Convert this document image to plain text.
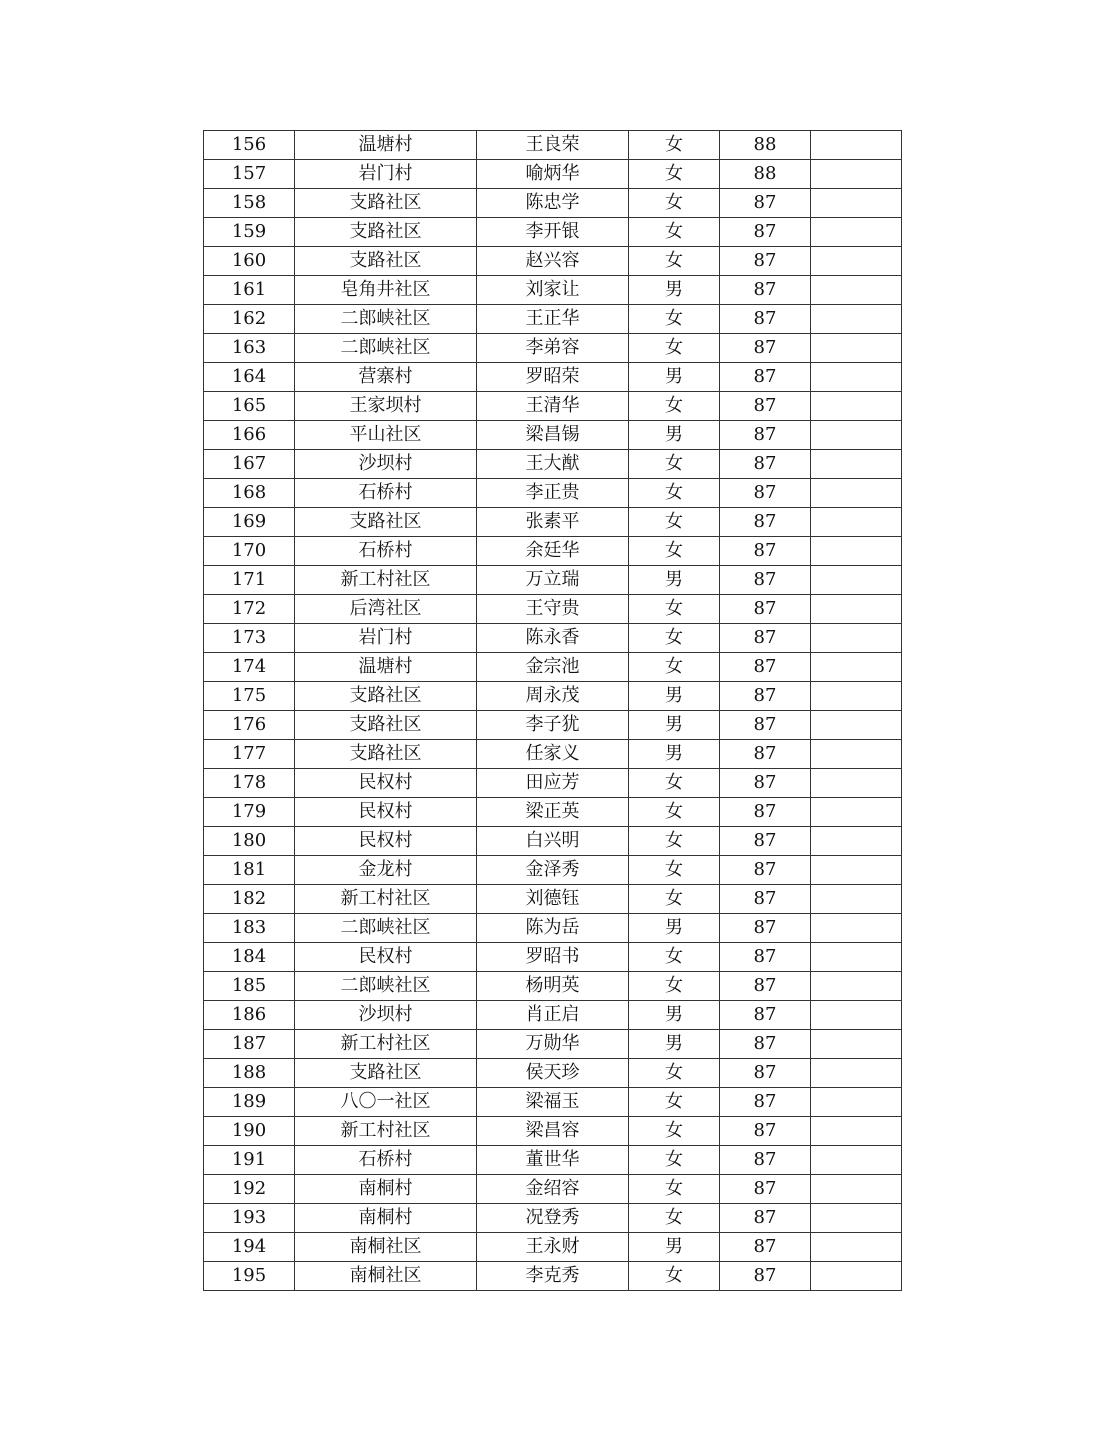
156	温塘村	王良荣	女	88	
157	岩门村	喻炳华	女	88	
158	支路社区	陈忠学	女	87	
159	支路社区	李开银	女	87	
160	支路社区	赵兴容	女	87	
161	皂角井社区	刘家让	男	87	
162	二郎峡社区	王正华	女	87	
163	二郎峡社区	李弟容	女	87	
164	营寨村	罗昭荣	男	87	
165	王家坝村	王清华	女	87	
166	平山社区	梁昌锡	男	87	
167	沙坝村	王大猷	女	87	
168	石桥村	李正贵	女	87	
169	支路社区	张素平	女	87	
170	石桥村	余廷华	女	87	
171	新工村社区	万立瑞	男	87	
172	后湾社区	王守贵	女	87	
173	岩门村	陈永香	女	87	
174	温塘村	金宗池	女	87	
175	支路社区	周永茂	男	87	
176	支路社区	李子犹	男	87	
177	支路社区	任家义	男	87	
178	民权村	田应芳	女	87	
179	民权村	梁正英	女	87	
180	民权村	白兴明	女	87	
181	金龙村	金泽秀	女	87	
182	新工村社区	刘德钰	女	87	
183	二郎峡社区	陈为岳	男	87	
184	民权村	罗昭书	女	87	
185	二郎峡社区	杨明英	女	87	
186	沙坝村	肖正启	男	87	
187	新工村社区	万勋华	男	87	
188	支路社区	侯天珍	女	87	
189	八〇一社区	梁福玉	女	87	
190	新工村社区	梁昌容	女	87	
191	石桥村	董世华	女	87	
192	南桐村	金绍容	女	87	
193	南桐村	况登秀	女	87	
194	南桐社区	王永财	男	87	
195	南桐社区	李克秀	女	87	
